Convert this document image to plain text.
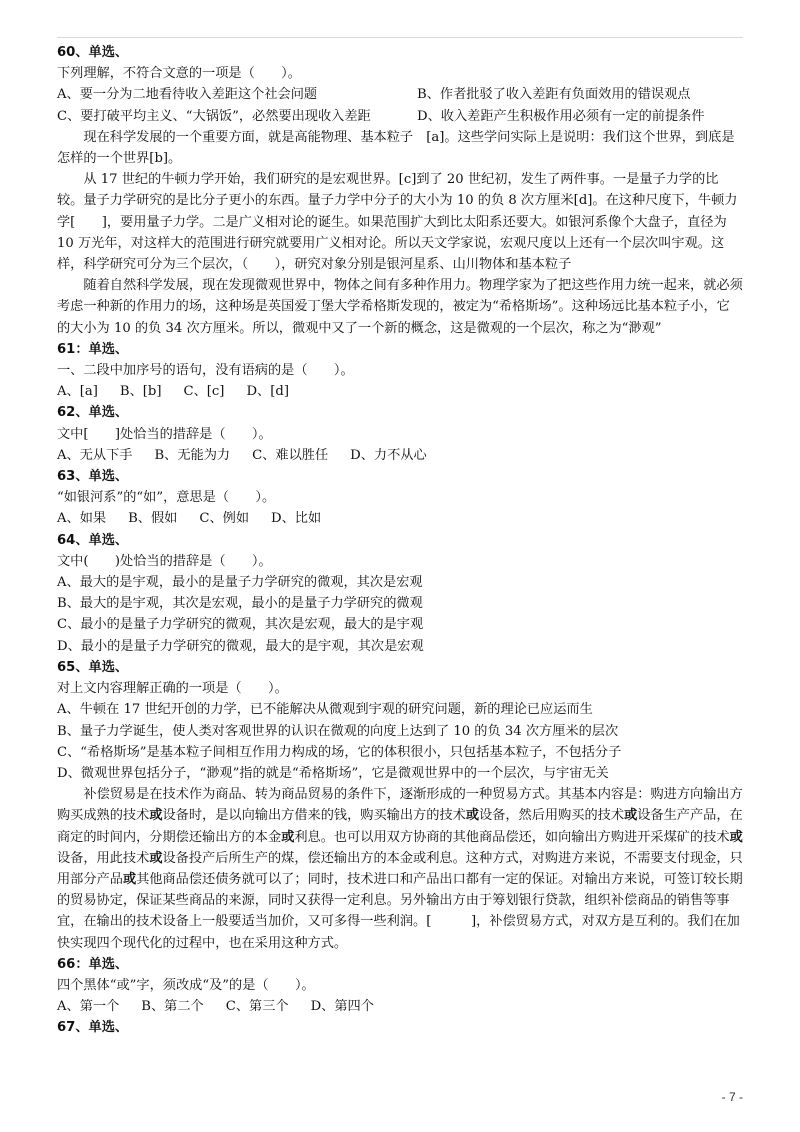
60、单选、

下列理解，不符合文意的一项是（　　）。

A、要一分为二地看待收入差距这个社会问题	B、作者批驳了收入差距有负面效用的错误观点
C、要打破平均主义、“大锅饭”，必然要出现收入差距	D、收入差距产生积极作用必须有一定的前提条件

现在科学发展的一个重要方面，就是高能物理、基本粒子　[a]。这些学问实际上是说明：我们这个世界，到底是怎样的一个世界[b]。

从 17 世纪的牛顿力学开始，我们研究的是宏观世界。[c]到了 20 世纪初，发生了两件事。一是量子力学的比较。量子力学研究的是比分子更小的东西。量子力学中分子的大小为 10 的负 8 次方厘米[d]。在这种尺度下，牛顿力学[　　]，要用量子力学。二是广义相对论的诞生。如果范围扩大到比太阳系还要大。如银河系像个大盘子，直径为 10 万光年，对这样大的范围进行研究就要用广义相对论。所以天文学家说，宏观尺度以上还有一个层次叫宇观。这样，科学研究可分为三个层次，（　　），研究对象分别是银河星系、山川物体和基本粒子

随着自然科学发展，现在发现微观世界中，物体之间有多种作用力。物理学家为了把这些作用力统一起来，就必须考虑一种新的作用力的场，这种场是英国爱丁堡大学希格斯发现的，被定为“希格斯场”。这种场远比基本粒子小，它的大小为 10 的负 34 次方厘米。所以，微观中又了一个新的概念，这是微观的一个层次，称之为“渺观”

61：单选、

一、二段中加序号的语句，没有语病的是（　　）。

A、[a] B、[b] C、[c] D、[d]

62、单选、

文中[　　]处恰当的措辞是（　　）。

A、无从下手 B、无能为力 C、难以胜任 D、力不从心

63、单选、

“如银河系”的“如”，意思是（　　）。

A、如果 B、假如 C、例如 D、比如

64、单选、

文中(　　)处恰当的措辞是（　　）。

A、最大的是宇观，最小的是量子力学研究的微观，其次是宏观

B、最大的是宇观，其次是宏观，最小的是量子力学研究的微观

C、最小的是量子力学研究的微观，其次是宏观，最大的是宇观

D、最小的是量子力学研究的微观，最大的是宇观，其次是宏观

65、单选、

对上文内容理解正确的一项是（　　）。

A、牛顿在 17 世纪开创的力学，已不能解决从微观到宇观的研究问题，新的理论已应运而生

B、量子力学诞生，使人类对客观世界的认识在微观的向度上达到了 10 的负 34 次方厘米的层次

C、“希格斯场”是基本粒子间相互作用力构成的场，它的体积很小，只包括基本粒子，不包括分子

D、微观世界包括分子，“渺观”指的就是“希格斯场”，它是微观世界中的一个层次，与宇宙无关

补偿贸易是在技术作为商品、转为商品贸易的条件下，逐渐形成的一种贸易方式。其基本内容是：购进方向输出方购买成熟的技术或设备时，是以向输出方借来的钱，购买输出方的技术或设备，然后用购买的技术或设备生产产品，在商定的时间内，分期偿还输出方的本金或利息。也可以用双方协商的其他商品偿还，如向输出方购进开采煤矿的技术或设备，用此技术或设备投产后所生产的煤，偿还输出方的本金或利息。这种方式，对购进方来说，不需要支付现金，只用部分产品或其他商品偿还债务就可以了；同时，技术进口和产品出口都有一定的保证。对输出方来说，可签订较长期的贸易协定，保证某些商品的来源，同时又获得一定利息。另外输出方由于筹划银行贷款，组织补偿商品的销售等事宜，在输出的技术设备上一般要适当加价，又可多得一些利润。[　　　]，补偿贸易方式，对双方是互利的。我们在加快实现四个现代化的过程中，也在采用这种方式。

66：单选、

四个黑体“或”字，须改成“及”的是（　　）。

A、第一个 B、第二个 C、第三个 D、第四个

67、单选、

- 7 -
